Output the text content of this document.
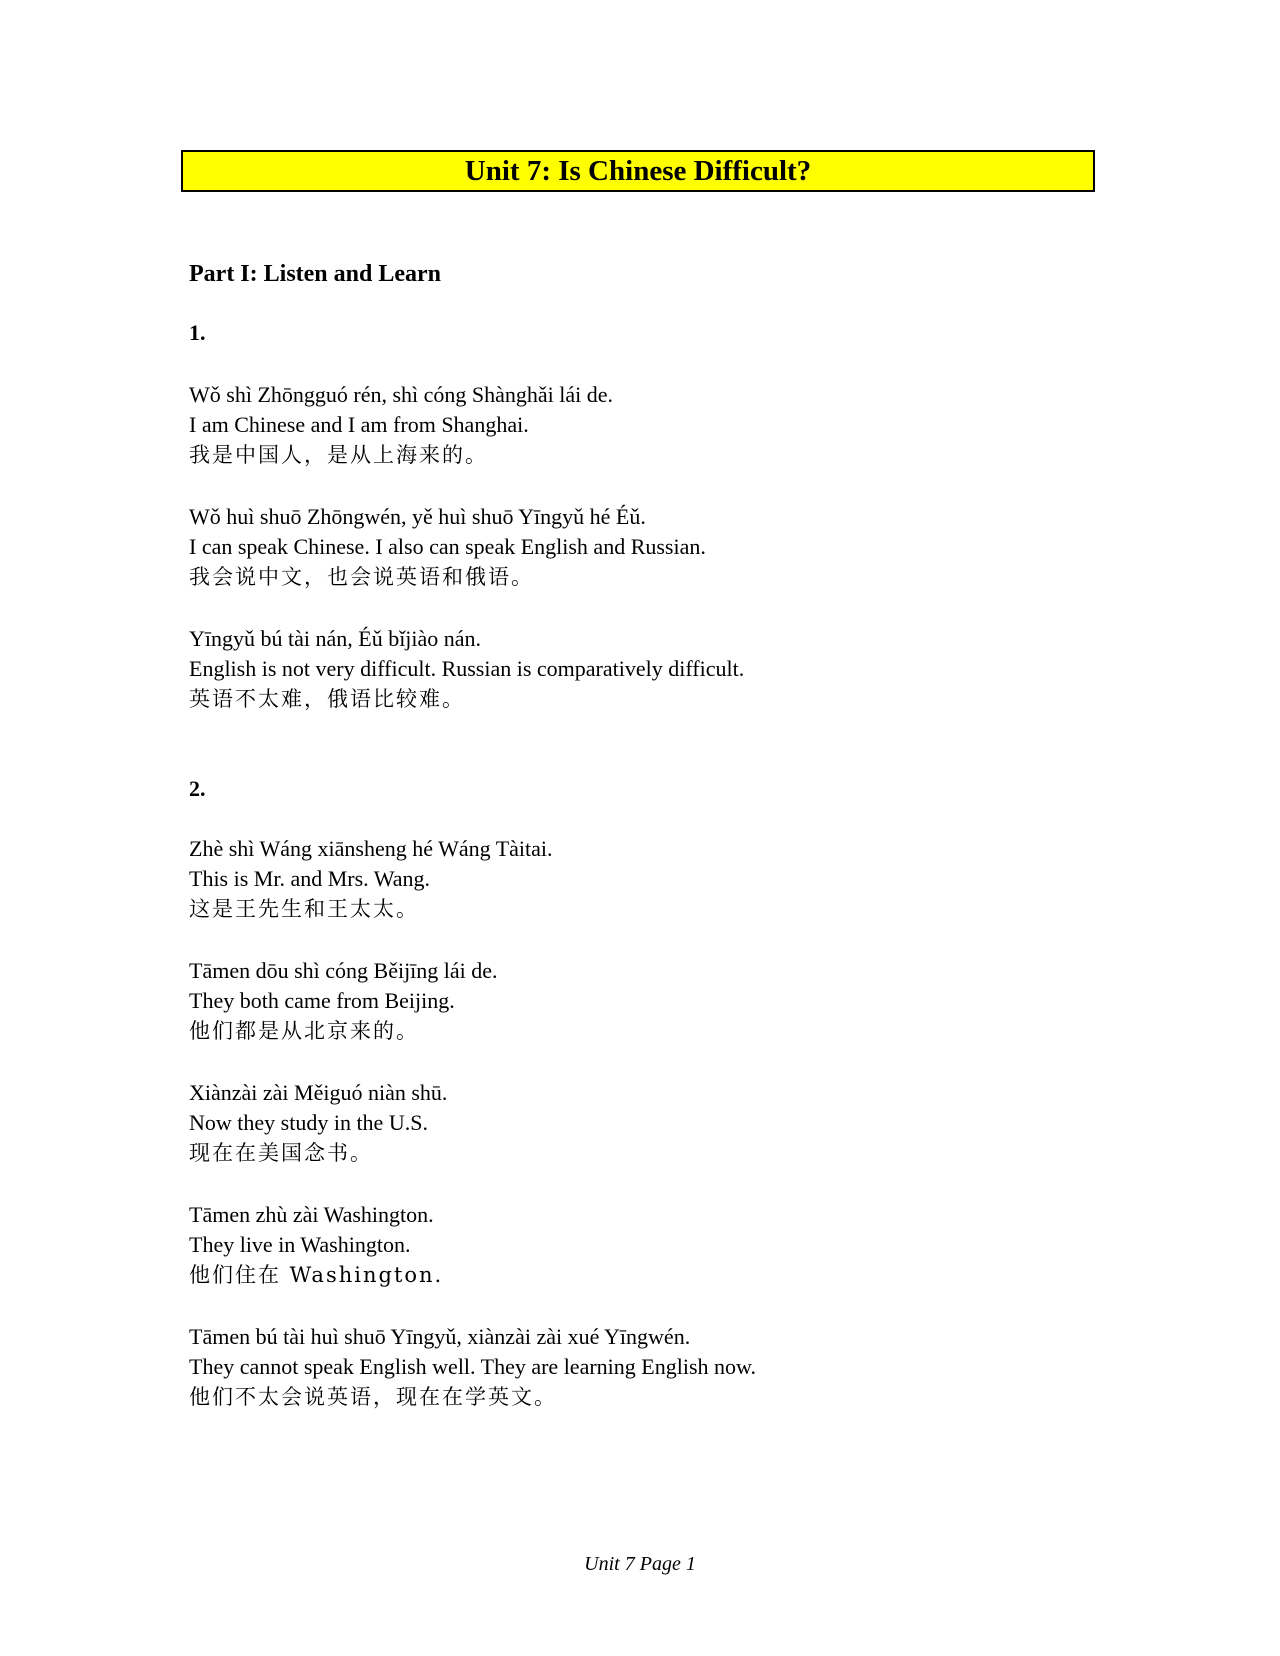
Unit 7: Is Chinese Difficult?
Part I: Listen and Learn
1.
Wǒ shì Zhōngguó rén, shì cóng Shànghǎi lái de.
I am Chinese and I am from Shanghai.
我是中国人，是从上海来的。
Wǒ huì shuō Zhōngwén, yě huì shuō Yīngyǔ hé Éǔ.
I can speak Chinese. I also can speak English and Russian.
我会说中文，也会说英语和俄语。
Yīngyǔ bú tài nán, Éǔ bǐjiào nán.
English is not very difficult. Russian is comparatively difficult.
英语不太难，俄语比较难。
2.
Zhè shì Wáng xiānsheng hé Wáng Tàitai.
This is Mr. and Mrs. Wang.
这是王先生和王太太。
Tāmen dōu shì cóng Běijīng lái de.
They both came from Beijing.
他们都是从北京来的。
Xiànzài zài Měiguó niàn shū.
Now they study in the U.S.
现在在美国念书。
Tāmen zhù zài Washington.
They live in Washington.
他们住在 Washington.
Tāmen bú tài huì shuō Yīngyǔ, xiànzài zài xué Yīngwén.
They cannot speak English well. They are learning English now.
他们不太会说英语，现在在学英文。
Unit 7 Page 1
